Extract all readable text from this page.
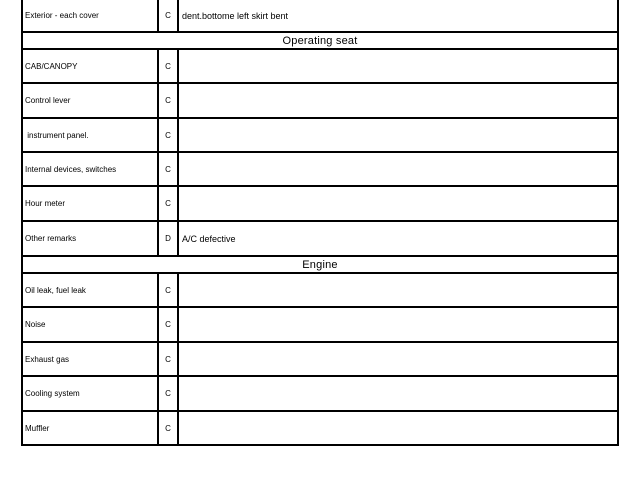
Exterior - each cover	C	dent.bottome left skirt bent
Operating seat
CAB/CANOPY	C
Control lever	C
instrument panel.	C
Internal devices, switches	C
Hour meter	C
Other remarks	D	A/C defective
Engine
Oil leak, fuel leak	C
Noise	C
Exhaust gas	C
Cooling system	C
Muffler	C
